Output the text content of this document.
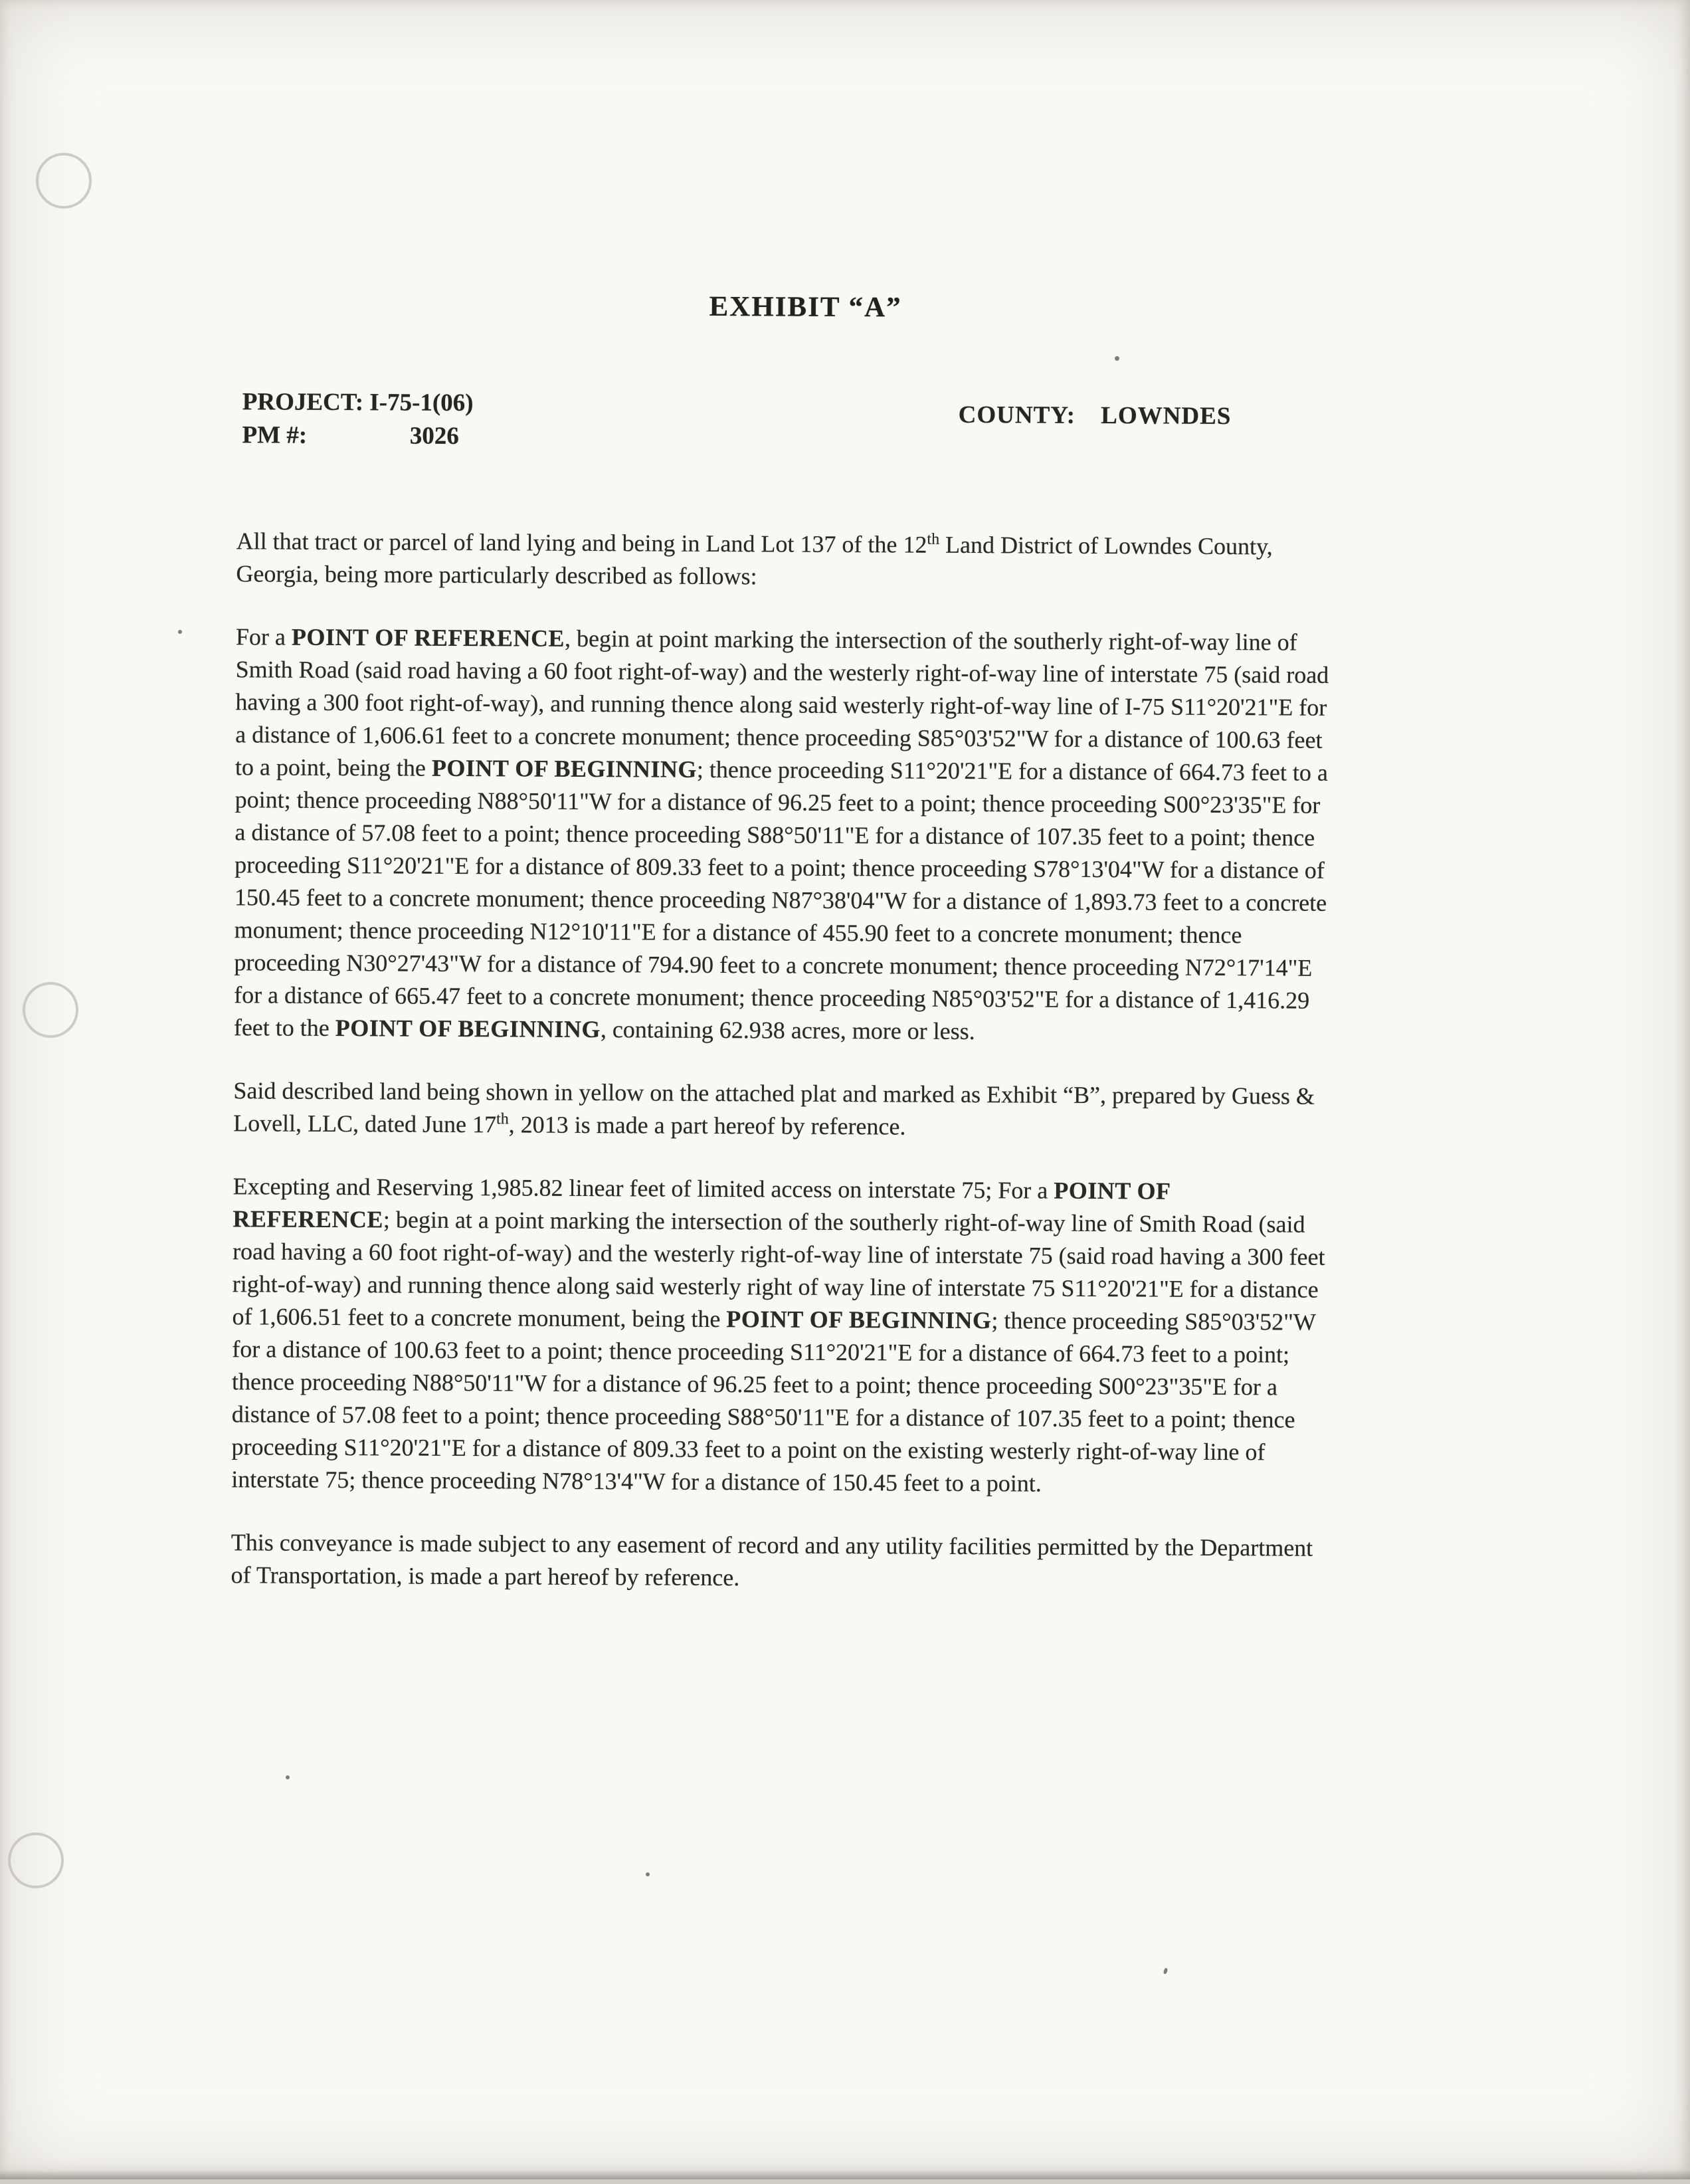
EXHIBIT “A”
PROJECT: I-75-1(06)
PM #:	3026
COUNTY: LOWNDES

All that tract or parcel of land lying and being in Land Lot 137 of the 12th Land District of Lowndes County, Georgia, being more particularly described as follows:

For a POINT OF REFERENCE, begin at point marking the intersection of the southerly right-of-way line of Smith Road (said road having a 60 foot right-of-way) and the westerly right-of-way line of interstate 75 (said road having a 300 foot right-of-way), and running thence along said westerly right-of-way line of I-75 S11°20'21"E for a distance of 1,606.61 feet to a concrete monument; thence proceeding S85°03'52"W for a distance of 100.63 feet to a point, being the POINT OF BEGINNING; thence proceeding S11°20'21"E for a distance of 664.73 feet to a point; thence proceeding N88°50'11"W for a distance of 96.25 feet to a point; thence proceeding S00°23'35"E for a distance of 57.08 feet to a point; thence proceeding S88°50'11"E for a distance of 107.35 feet to a point; thence proceeding S11°20'21"E for a distance of 809.33 feet to a point; thence proceeding S78°13'04"W for a distance of 150.45 feet to a concrete monument; thence proceeding N87°38'04"W for a distance of 1,893.73 feet to a concrete monument; thence proceeding N12°10'11"E for a distance of 455.90 feet to a concrete monument; thence proceeding N30°27'43"W for a distance of 794.90 feet to a concrete monument; thence proceeding N72°17'14"E for a distance of 665.47 feet to a concrete monument; thence proceeding N85°03'52"E for a distance of 1,416.29 feet to the POINT OF BEGINNING, containing 62.938 acres, more or less.

Said described land being shown in yellow on the attached plat and marked as Exhibit “B”, prepared by Guess & Lovell, LLC, dated June 17th, 2013 is made a part hereof by reference.

Excepting and Reserving 1,985.82 linear feet of limited access on interstate 75; For a POINT OF REFERENCE; begin at a point marking the intersection of the southerly right-of-way line of Smith Road (said road having a 60 foot right-of-way) and the westerly right-of-way line of interstate 75 (said road having a 300 feet right-of-way) and running thence along said westerly right of way line of interstate 75 S11°20'21"E for a distance of 1,606.51 feet to a concrete monument, being the POINT OF BEGINNING; thence proceeding S85°03'52"W for a distance of 100.63 feet to a point; thence proceeding S11°20'21"E for a distance of 664.73 feet to a point; thence proceeding N88°50'11"W for a distance of 96.25 feet to a point; thence proceeding S00°23"35"E for a distance of 57.08 feet to a point; thence proceeding S88°50'11"E for a distance of 107.35 feet to a point; thence proceeding S11°20'21"E for a distance of 809.33 feet to a point on the existing westerly right-of-way line of interstate 75; thence proceeding N78°13'4"W for a distance of 150.45 feet to a point.

This conveyance is made subject to any easement of record and any utility facilities permitted by the Department of Transportation, is made a part hereof by reference.
